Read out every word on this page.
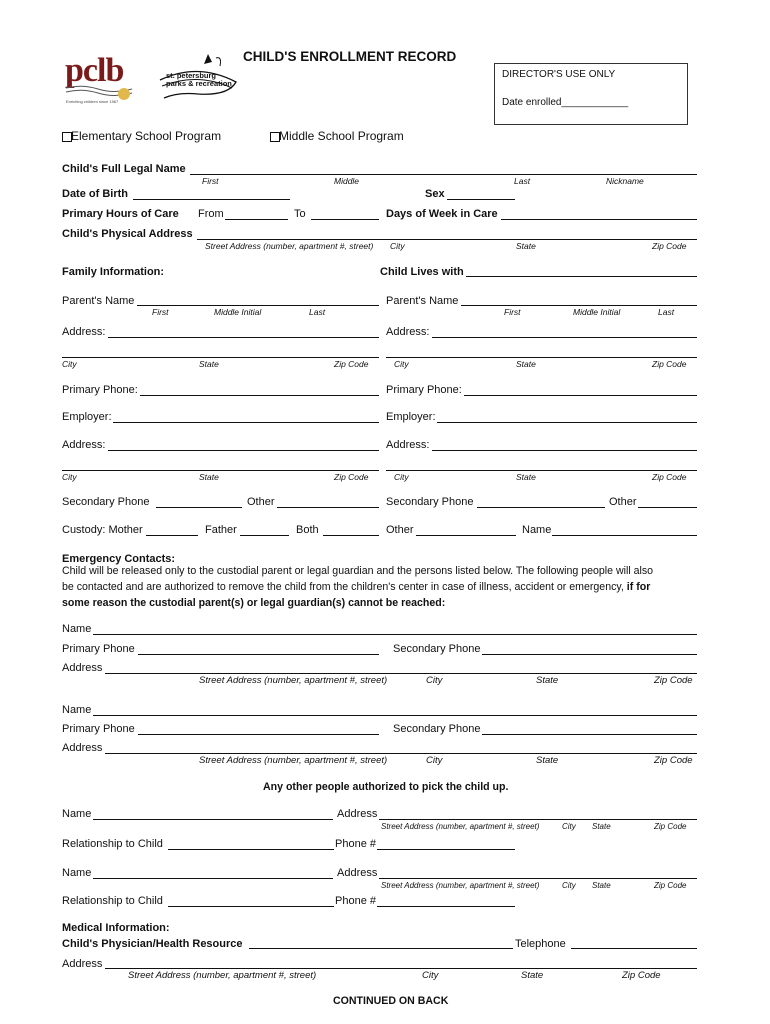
pclb
Enriching children since 1967
st. petersburg
parks & recreation
CHILD'S ENROLLMENT RECORD
DIRECTOR'S USE ONLY
Date enrolled____________
Elementary School Program	Middle School Program
Child's Full Legal Name
First	Middle	Last	Nickname
Date of Birth	Sex
Primary Hours of Care From	To	Days of Week in Care
Child's Physical Address
Street Address (number, apartment #, street) City	State	Zip Code
Family Information:	Child Lives with
Parent's Name
First	Middle Initial	Last
Parent's Name
First	Middle Initial	Last
Address:	Address:
City	State	Zip Code	City	State	Zip Code
Primary Phone:	Primary Phone:
Employer:	Employer:
Address:	Address:
City	State	Zip Code	City	State	Zip Code
Secondary Phone	Other	Secondary Phone	Other
Custody: Mother	Father	Both	Other	Name
Emergency Contacts:
Child will be released only to the custodial parent or legal guardian and the persons listed below. The following people will also
be contacted and are authorized to remove the child from the children's center in case of illness, accident or emergency, if for
some reason the custodial parent(s) or legal guardian(s) cannot be reached:
Name
Primary Phone	Secondary Phone
Address
Street Address (number, apartment #, street)	City	State	Zip Code
Name
Primary Phone	Secondary Phone
Address
Street Address (number, apartment #, street)	City	State	Zip Code
Any other people authorized to pick the child up.
Name	Address
Street Address (number, apartment #, street)	City State	Zip Code
Relationship to Child	Phone #
Name	Address
Street Address (number, apartment #, street)	City State	Zip Code
Relationship to Child	Phone #
Medical Information:
Child's Physician/Health Resource	Telephone
Address
Street Address (number, apartment #, street)	City	State	Zip Code
CONTINUED ON BACK
